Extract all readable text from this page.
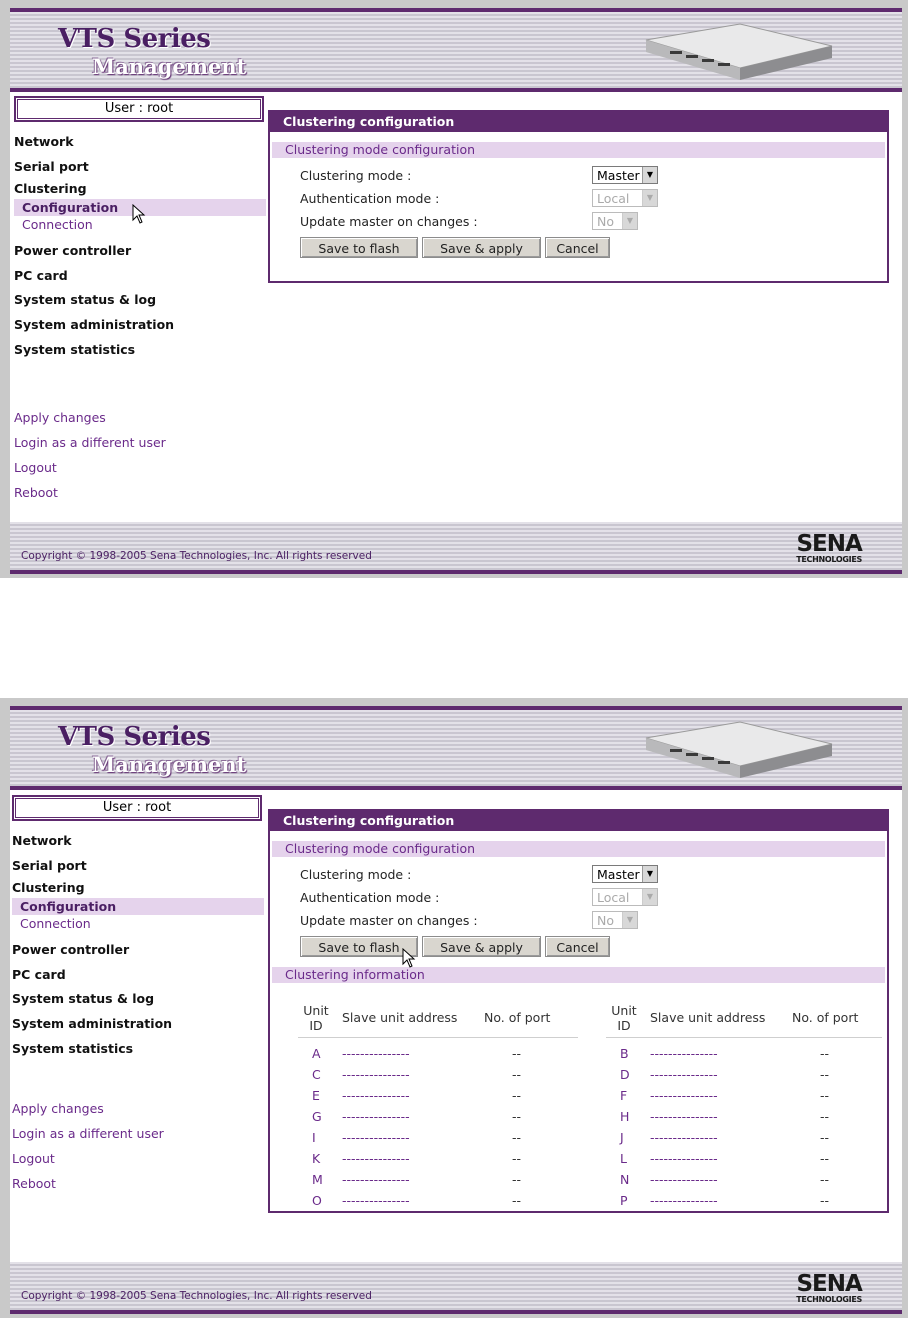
VTS Series
Management
User : root
Network
Serial port
Clustering
Configuration
Connection
Power controller
PC card
System status & log
System administration
System statistics
Apply changes
Login as a different user
Logout
Reboot
Clustering configuration
Clustering mode configuration
Clustering mode :	Master ▼
Authentication mode :	Local	▼
Update master on changes :	No	▼
Save to flash	Save & apply	Cancel
Copyright © 1998-2005 Sena Technologies, Inc. All rights reserved	SENA
TECHNOLOGIES
VTS Series
Management
User : root
Network
Serial port
Clustering
Configuration
Connection
Power controller
PC card
System status & log
System administration
System statistics
Apply changes
Login as a different user
Logout
Reboot
Clustering configuration
Clustering mode configuration
Clustering mode :	Master ▼
Authentication mode :	Local	▼
Update master on changes :	No	▼
Save to flash	Save & apply	Cancel
Clustering information
Unit
ID
Slave unit address No. of port
A ---------------	--
C ---------------	--
E ---------------	--
G ---------------	--
I ---------------	--
K ---------------	--
M ---------------	--
O ---------------	--
Unit
ID
Slave unit address No. of port
B ---------------	--
D ---------------	--
F ---------------	--
H ---------------	--
J ---------------	--
L ---------------	--
N ---------------	--
P ---------------	--
Copyright © 1998-2005 Sena Technologies, Inc. All rights reserved	SENA
TECHNOLOGIES
